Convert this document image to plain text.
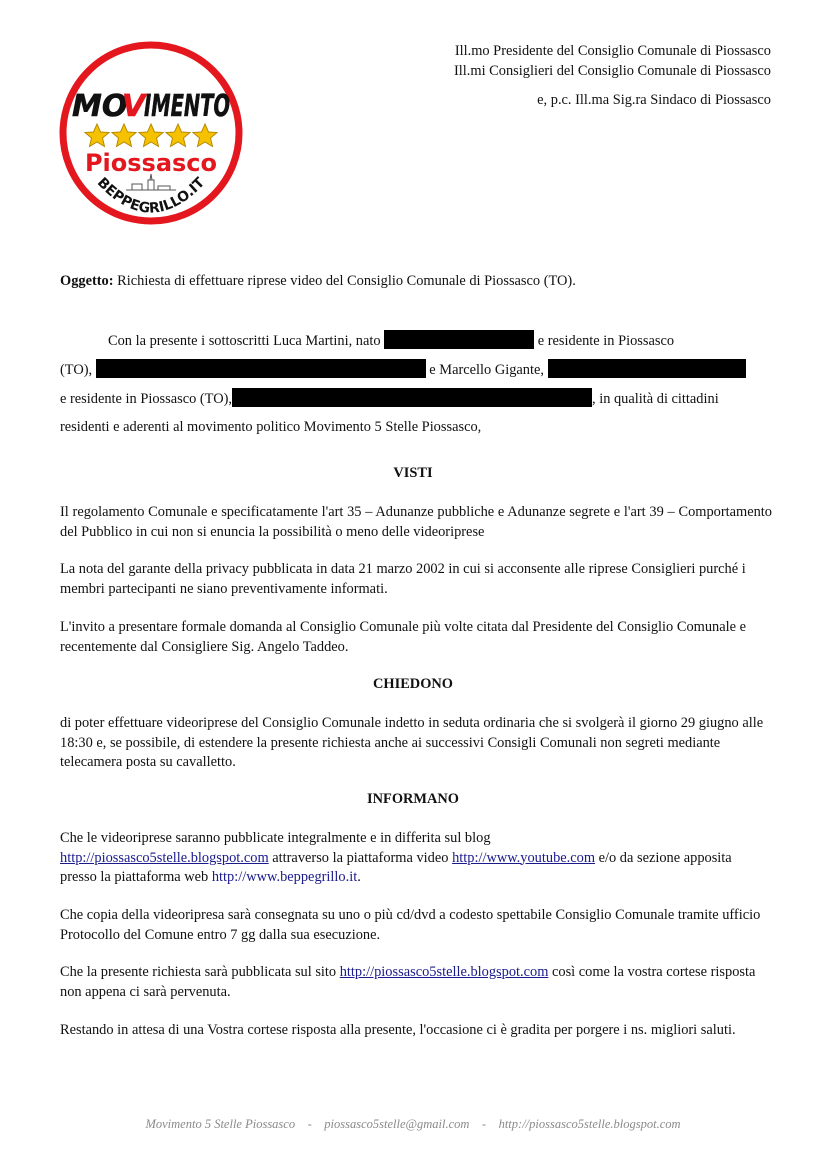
MO
V
IMENTO
Piossasco
BEPPEGRILLO.IT
Ill.mo Presidente del Consiglio Comunale di Piossasco
Ill.mi Consiglieri del Consiglio Comunale di Piossasco
e, p.c. Ill.ma Sig.ra Sindaco di Piossasco
Oggetto: Richiesta di effettuare riprese video del Consiglio Comunale di Piossasco (TO).
Con la presente i sottoscritti Luca Martini, nato	e residente in Piossasco
(TO),	e Marcello Gigante,
e residente in Piossasco (TO),	, in qualità di cittadini
residenti e aderenti al movimento politico Movimento 5 Stelle Piossasco,
VISTI
Il regolamento Comunale e specificatamente l'art 35 – Adunanze pubbliche e Adunanze segrete e l'art 39 – Comportamento del Pubblico in cui non si enuncia la possibilità o meno delle videoriprese
La nota del garante della privacy pubblicata in data 21 marzo 2002 in cui si acconsente alle riprese Consiglieri purché i membri partecipanti ne siano preventivamente informati.
L'invito a presentare formale domanda al Consiglio Comunale più volte citata dal Presidente del Consiglio Comunale e recentemente dal Consigliere Sig. Angelo Taddeo.
CHIEDONO
di poter effettuare videoriprese del Consiglio Comunale indetto in seduta ordinaria che si svolgerà il giorno 29 giugno alle 18:30 e, se possibile, di estendere la presente richiesta anche ai successivi Consigli Comunali non segreti mediante telecamera posta su cavalletto.
INFORMANO
Che le videoriprese saranno pubblicate integralmente e in differita sul blog
http://piossasco5stelle.blogspot.com attraverso la piattaforma video http://www.youtube.com e/o da sezione apposita presso la piattaforma web http://www.beppegrillo.it.
Che copia della videoripresa sarà consegnata su uno o più cd/dvd a codesto spettabile Consiglio Comunale tramite ufficio Protocollo del Comune entro 7 gg dalla sua esecuzione.
Che la presente richiesta sarà pubblicata sul sito http://piossasco5stelle.blogspot.com così come la vostra cortese risposta non appena ci sarà pervenuta.
Restando in attesa di una Vostra cortese risposta alla presente, l'occasione ci è gradita per porgere i ns. migliori saluti.
Movimento 5 Stelle Piossasco    -    piossasco5stelle@gmail.com    -    http://piossasco5stelle.blogspot.com
